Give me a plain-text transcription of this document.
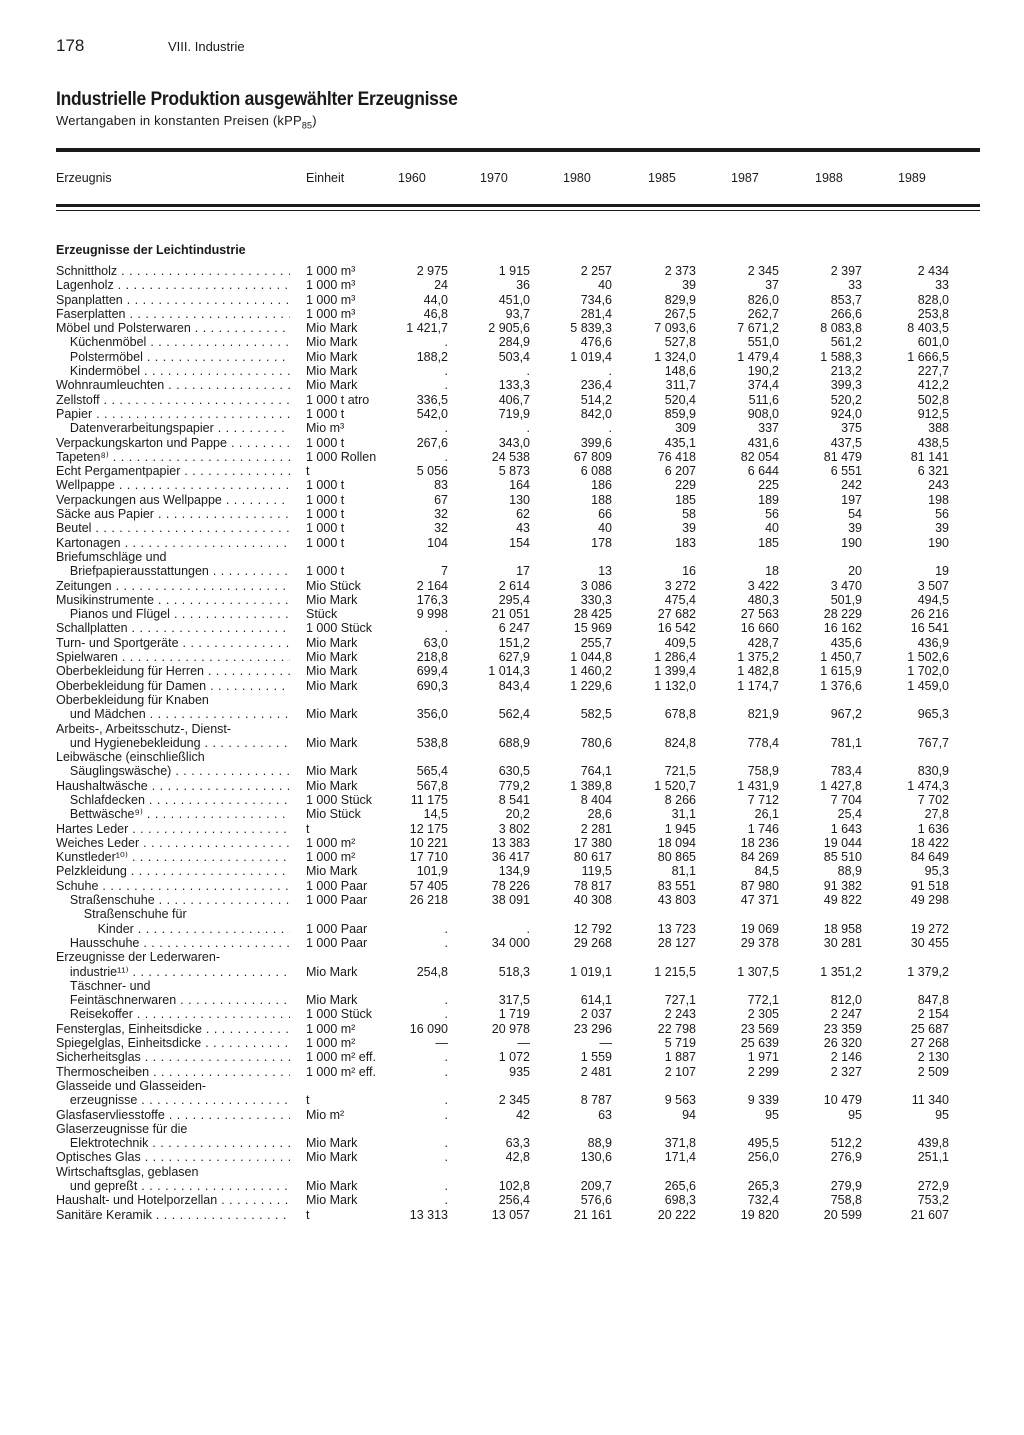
178	VIII. Industrie
Industrielle Produktion ausgewählter Erzeugnisse
Wertangaben in konstanten Preisen (kPP$_{85}$)
Erzeugnis	Einheit	1960	1970	1980	1985	1987	1988	1989
Erzeugnisse der Leichtindustrie
Schnittholz . . .	1 000 m³	2 975	1 915	2 257	2 373	2 345	2 397	2 434
Lagenholz . . .	1 000 m³	24	36	40	39	37	33	33
Spanplatten . . .	1 000 m³	44,0	451,0	734,6	829,9	826,0	853,7	828,0
Faserplatten . . .	1 000 m³	46,8	93,7	281,4	267,5	262,7	266,6	253,8
Möbel und Polsterwaren . . .	Mio Mark	1 421,7	2 905,6	5 839,3	7 093,6	7 671,2	8 083,8	8 403,5
Küchenmöbel . . .	Mio Mark	.	284,9	476,6	527,8	551,0	561,2	601,0
Polstermöbel . . .	Mio Mark	188,2	503,4	1 019,4	1 324,0	1 479,4	1 588,3	1 666,5
Kindermöbel . . .	Mio Mark	.	.	.	148,6	190,2	213,2	227,7
Wohnraumleuchten . . .	Mio Mark	.	133,3	236,4	311,7	374,4	399,3	412,2
Zellstoff . . .	1 000 t atro	336,5	406,7	514,2	520,4	511,6	520,2	502,8
Papier . . .	1 000 t	542,0	719,9	842,0	859,9	908,0	924,0	912,5
Datenverarbeitungspapier . . .	Mio m³	.	.	.	309	337	375	388
Verpackungskarton und Pappe . . .	1 000 t	267,6	343,0	399,6	435,1	431,6	437,5	438,5
Tapeten⁸⁾ . . .	1 000 Rollen	.	24 538	67 809	76 418	82 054	81 479	81 141
Echt Pergamentpapier . . .	t	5 056	5 873	6 088	6 207	6 644	6 551	6 321
Wellpappe . . .	1 000 t	83	164	186	229	225	242	243
Verpackungen aus Wellpappe . . .	1 000 t	67	130	188	185	189	197	198
Säcke aus Papier . . .	1 000 t	32	62	66	58	56	54	56
Beutel . . .	1 000 t	32	43	40	39	40	39	39
Kartonagen . . .	1 000 t	104	154	178	183	185	190	190
Briefumschläge und
Briefpapierausstattungen . . .	1 000 t	7	17	13	16	18	20	19
Zeitungen . . .	Mio Stück	2 164	2 614	3 086	3 272	3 422	3 470	3 507
Musikinstrumente . . .	Mio Mark	176,3	295,4	330,3	475,4	480,3	501,9	494,5
Pianos und Flügel . . .	Stück	9 998	21 051	28 425	27 682	27 563	28 229	26 216
Schallplatten . . .	1 000 Stück	.	6 247	15 969	16 542	16 660	16 162	16 541
Turn- und Sportgeräte . . .	Mio Mark	63,0	151,2	255,7	409,5	428,7	435,6	436,9
Spielwaren . . .	Mio Mark	218,8	627,9	1 044,8	1 286,4	1 375,2	1 450,7	1 502,6
Oberbekleidung für Herren . . .	Mio Mark	699,4	1 014,3	1 460,2	1 399,4	1 482,8	1 615,9	1 702,0
Oberbekleidung für Damen . . .	Mio Mark	690,3	843,4	1 229,6	1 132,0	1 174,7	1 376,6	1 459,0
Oberbekleidung für Knaben
und Mädchen . . .	Mio Mark	356,0	562,4	582,5	678,8	821,9	967,2	965,3
Arbeits-, Arbeitsschutz-, Dienst-
und Hygienebekleidung . . .	Mio Mark	538,8	688,9	780,6	824,8	778,4	781,1	767,7
Leibwäsche (einschließlich
Säuglingswäsche) . . .	Mio Mark	565,4	630,5	764,1	721,5	758,9	783,4	830,9
Haushaltwäsche . . .	Mio Mark	567,8	779,2	1 389,8	1 520,7	1 431,9	1 427,8	1 474,3
Schlafdecken . . .	1 000 Stück	11 175	8 541	8 404	8 266	7 712	7 704	7 702
Bettwäsche⁹⁾ . . .	Mio Stück	14,5	20,2	28,6	31,1	26,1	25,4	27,8
Hartes Leder . . .	t	12 175	3 802	2 281	1 945	1 746	1 643	1 636
Weiches Leder . . .	1 000 m²	10 221	13 383	17 380	18 094	18 236	19 044	18 422
Kunstleder¹⁰⁾ . . .	1 000 m²	17 710	36 417	80 617	80 865	84 269	85 510	84 649
Pelzkleidung . . .	Mio Mark	101,9	134,9	119,5	81,1	84,5	88,9	95,3
Schuhe . . .	1 000 Paar	57 405	78 226	78 817	83 551	87 980	91 382	91 518
Straßenschuhe . . .	1 000 Paar	26 218	38 091	40 308	43 803	47 371	49 822	49 298
Straßenschuhe für
Kinder . . .	1 000 Paar	.	.	12 792	13 723	19 069	18 958	19 272
Hausschuhe . . .	1 000 Paar	.	34 000	29 268	28 127	29 378	30 281	30 455
Erzeugnisse der Lederwaren-
industrie¹¹⁾ . . .	Mio Mark	254,8	518,3	1 019,1	1 215,5	1 307,5	1 351,2	1 379,2
Täschner- und
Feintäschnerwaren . . .	Mio Mark	.	317,5	614,1	727,1	772,1	812,0	847,8
Reisekoffer . . .	1 000 Stück	.	1 719	2 037	2 243	2 305	2 247	2 154
Fensterglas, Einheitsdicke . . .	1 000 m²	16 090	20 978	23 296	22 798	23 569	23 359	25 687
Spiegelglas, Einheitsdicke . . .	1 000 m²	—	—	—	5 719	25 639	26 320	27 268
Sicherheitsglas . . .	1 000 m² eff.	.	1 072	1 559	1 887	1 971	2 146	2 130
Thermoscheiben . . .	1 000 m² eff.	.	935	2 481	2 107	2 299	2 327	2 509
Glasseide und Glasseiden-
erzeugnisse . . .	t	.	2 345	8 787	9 563	9 339	10 479	11 340
Glasfaservliesstoffe . . .	Mio m²	.	42	63	94	95	95	95
Glaserzeugnisse für die
Elektrotechnik . . .	Mio Mark	.	63,3	88,9	371,8	495,5	512,2	439,8
Optisches Glas . . .	Mio Mark	.	42,8	130,6	171,4	256,0	276,9	251,1
Wirtschaftsglas, geblasen
und gepreßt . . .	Mio Mark	.	102,8	209,7	265,6	265,3	279,9	272,9
Haushalt- und Hotelporzellan . . .	Mio Mark	.	256,4	576,6	698,3	732,4	758,8	753,2
Sanitäre Keramik . . .	t	13 313	13 057	21 161	20 222	19 820	20 599	21 607
